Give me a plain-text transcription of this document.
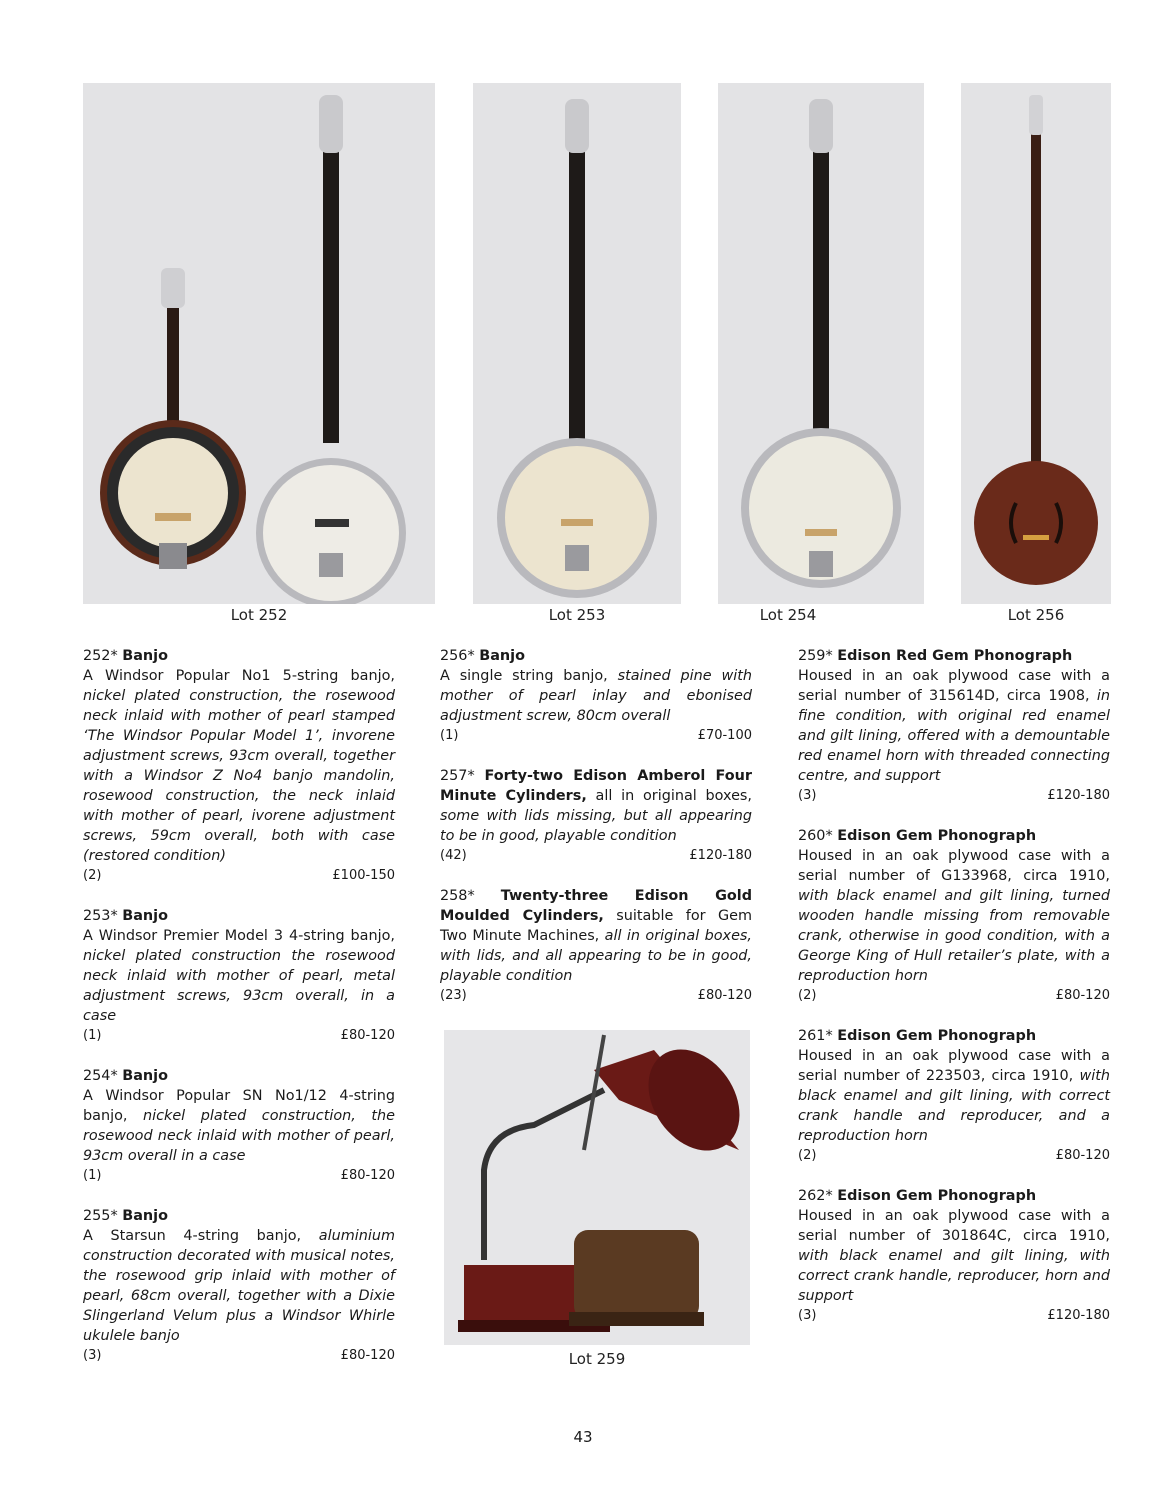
Lot 252	Lot 253	Lot 254	Lot 256
252* Banjo
A Windsor Popular No1 5-string banjo, nickel plated construction, the rosewood neck inlaid with mother of pearl stamped ‘The Windsor Popular Model 1’, invorene adjustment screws, 93cm overall, together with a Windsor Z No4 banjo mandolin, rosewood construction, the neck inlaid with mother of pearl, ivorene adjustment screws, 59cm overall, both with case (restored condition)
(2)	£100-150
253* Banjo
A Windsor Premier Model 3 4-string banjo, nickel plated construction the rosewood neck inlaid with mother of pearl, metal adjustment screws, 93cm overall, in a case
(1)	£80-120
254* Banjo
A Windsor Popular SN No1/12 4-string banjo, nickel plated construction, the rosewood neck inlaid with mother of pearl, 93cm overall in a case
(1)	£80-120
255* Banjo
A Starsun 4-string banjo, aluminium construction decorated with musical notes, the rosewood grip inlaid with mother of pearl, 68cm overall, together with a Dixie Slingerland Velum plus a Windsor Whirle ukulele banjo
(3)	£80-120
256* Banjo
A single string banjo, stained pine with mother of pearl inlay and ebonised adjustment screw, 80cm overall
(1)	£70-100
257* Forty-two Edison Amberol Four Minute Cylinders, all in original boxes, some with lids missing, but all appearing to be in good, playable condition
(42)	£120-180
258* Twenty-three Edison Gold Moulded Cylinders, suitable for Gem Two Minute Machines, all in original boxes, with lids, and all appearing to be in good, playable condition
(23)	£80-120
Lot 259
259* Edison Red Gem Phonograph
Housed in an oak plywood case with a serial number of 315614D, circa 1908, in fine condition, with original red enamel and gilt lining, offered with a demountable red enamel horn with threaded connecting centre, and support
(3)	£120-180
260* Edison Gem Phonograph
Housed in an oak plywood case with a serial number of G133968, circa 1910, with black enamel and gilt lining, turned wooden handle missing from removable crank, otherwise in good condition, with a George King of Hull retailer’s plate, with a reproduction horn
(2)	£80-120
261* Edison Gem Phonograph
Housed in an oak plywood case with a serial number of 223503, circa 1910, with black enamel and gilt lining, with correct crank handle and reproducer, and a reproduction horn
(2)	£80-120
262* Edison Gem Phonograph
Housed in an oak plywood case with a serial number of 301864C, circa 1910, with black enamel and gilt lining, with correct crank handle, reproducer, horn and support
(3)	£120-180
43
